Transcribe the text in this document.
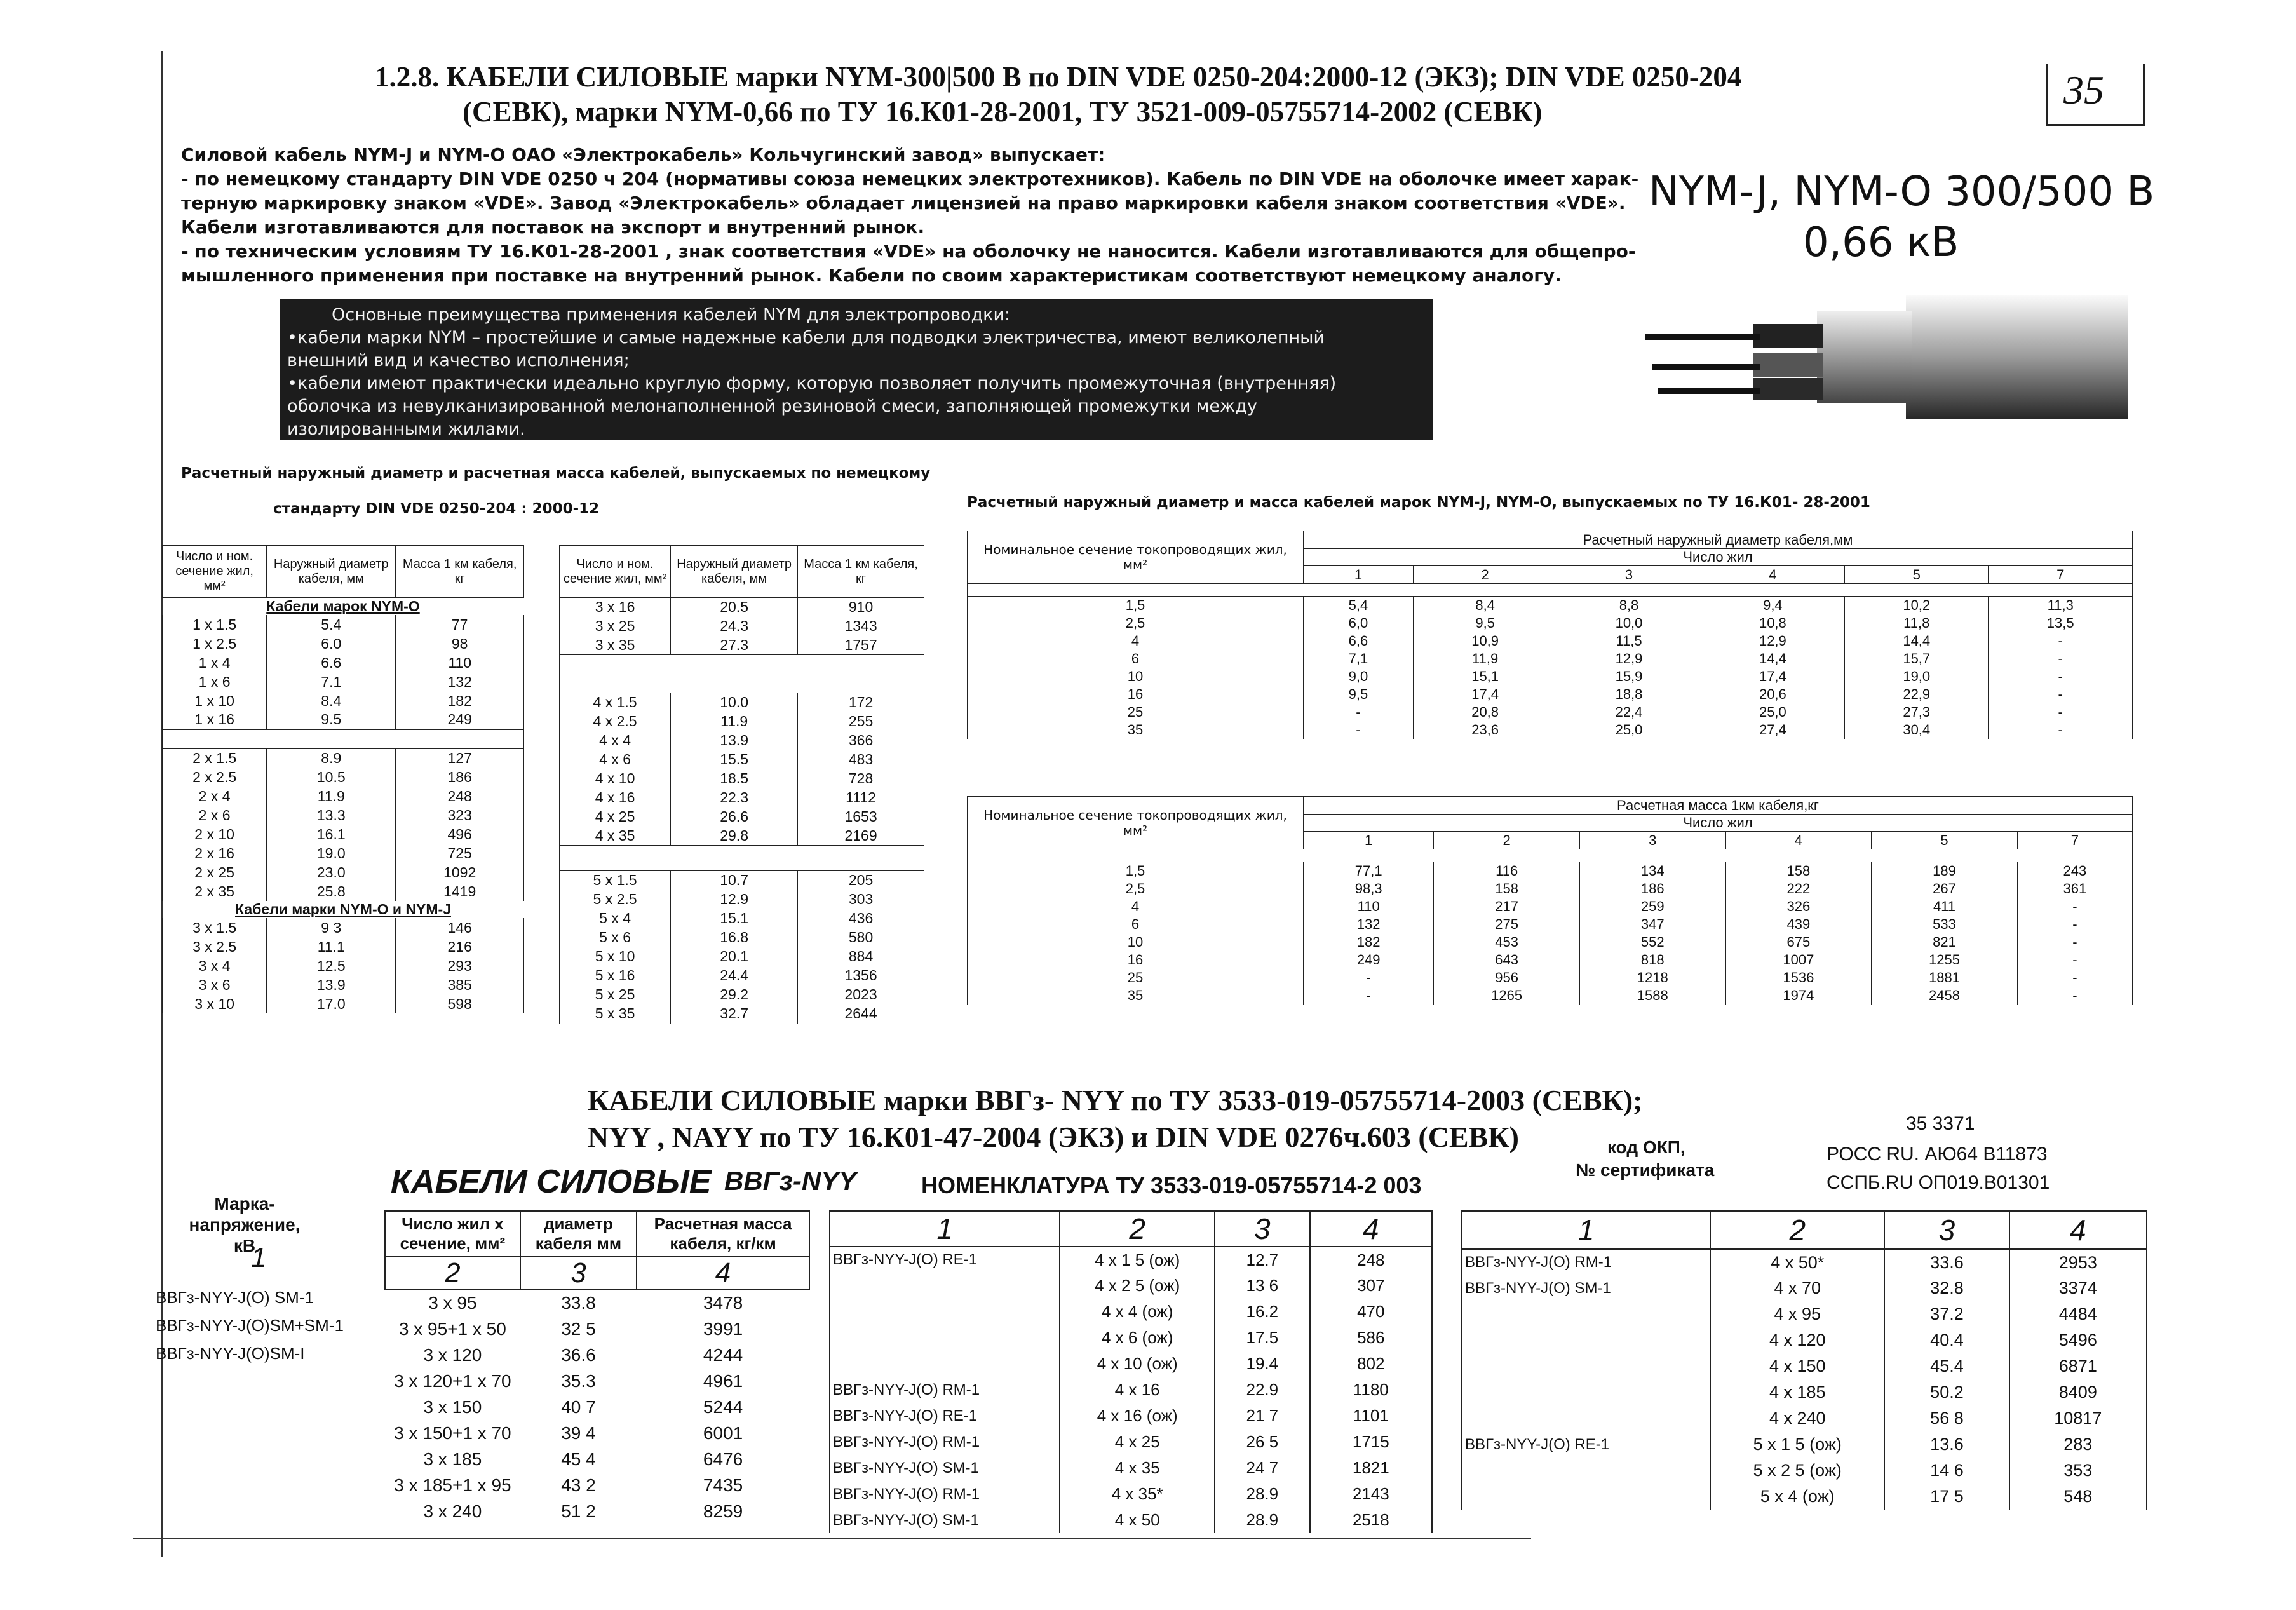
1.2.8. КАБЕЛИ СИЛОВЫЕ марки NYM-300|500 В по DIN VDE 0250-204:2000-12 (ЭКЗ); DIN VDE 0250-204
(СЕВК), марки NYM-0,66 по ТУ 16.К01-28-2001, ТУ 3521-009-05755714-2002 (СЕВК)	35
Силовой кабель NYM-J и NYM-O ОАО «Электрокабель» Кольчугинский завод» выпускает:
- по немецкому стандарту DIN VDE 0250 ч 204 (нормативы союза немецких электротехников). Кабель по DIN VDE на оболочке имеет харак-
терную маркировку знаком «VDE». Завод «Электрокабель» обладает лицензией на право маркировки кабеля знаком соответствия «VDE».
Кабели изготавливаются для поставок на экспорт и внутренний рынок.
- по техническим условиям ТУ 16.К01-28-2001 , знак соответствия «VDE» на оболочку не наносится. Кабели изготавливаются для общепро-
мышленного применения при поставке на внутренний рынок. Кабели по своим характеристикам соответствуют немецкому аналогу.
Основные преимущества применения кабелей NYM для электропроводки:
•кабели марки NYM – простейшие и самые надежные кабели для подводки электричества, имеют великолепный
внешний вид и качество исполнения;
•кабели имеют практически идеально круглую форму, которую позволяет получить промежуточная (внутренняя)
оболочка из невулканизированной мелонаполненной резиновой смеси, заполняющей промежутки между
изолированными жилами.
NYM-J, NYM-O 300/500 В
0,66 кВ
Расчетный наружный диаметр и расчетная масса кабелей, выпускаемых по немецкому
стандарту DIN VDE 0250-204 : 2000-12
Число и ном. сечение жил, мм²	Наружный диаметр кабеля, мм	Масса 1 км кабеля, кг
Кабели марок NYM-O		
1 x 1.5	5.4	77
1 x 2.5	6.0	98
1 x 4	6.6	110
1 x 6	7.1	132
1 x 10	8.4	182
1 x 16	9.5	249

2 x 1.5	8.9	127
2 x 2.5	10.5	186
2 x 4	11.9	248
2 x 6	13.3	323
2 x 10	16.1	496
2 x 16	19.0	725
2 x 25	23.0	1092
2 x 35	25.8	1419
Кабели марки NYM-O и NYM-J		
3 x 1.5	9 3	146
3 x 2.5	11.1	216
3 x 4	12.5	293
3 x 6	13.9	385
3 x 10	17.0	598
Число и ном. сечение жил, мм²	Наружный диаметр кабеля, мм	Масса 1 км кабеля, кг
3 x 16	20.5	910
3 x 25	24.3	1343
3 x 35	27.3	1757

4 x 1.5	10.0	172
4 x 2.5	11.9	255
4 x 4	13.9	366
4 x 6	15.5	483
4 x 10	18.5	728
4 x 16	22.3	1112
4 x 25	26.6	1653
4 x 35	29.8	2169

5 x 1.5	10.7	205
5 x 2.5	12.9	303
5 x 4	15.1	436
5 x 6	16.8	580
5 x 10	20.1	884
5 x 16	24.4	1356
5 x 25	29.2	2023
5 x 35	32.7	2644
Расчетный наружный диаметр и масса кабелей марок NYM-J, NYM-O, выпускаемых по ТУ 16.К01- 28-2001
Номинальное сечение токопроводящих жил, мм²	Расчетный наружный диаметр кабеля,мм					
	Число жил					
	1	2	3	4	5	7

1,5	5,4	8,4	8,8	9,4	10,2	11,3
2,5	6,0	9,5	10,0	10,8	11,8	13,5
4	6,6	10,9	11,5	12,9	14,4	-
6	7,1	11,9	12,9	14,4	15,7	-
10	9,0	15,1	15,9	17,4	19,0	-
16	9,5	17,4	18,8	20,6	22,9	-
25	-	20,8	22,4	25,0	27,3	-
35	-	23,6	25,0	27,4	30,4	-
Номинальное сечение токопроводящих жил, мм²	Расчетная масса 1км кабеля,кг					
	Число жил					
	1	2	3	4	5	7

1,5	77,1	116	134	158	189	243
2,5	98,3	158	186	222	267	361
4	110	217	259	326	411	-
6	132	275	347	439	533	-
10	182	453	552	675	821	-
16	249	643	818	1007	1255	-
25	-	956	1218	1536	1881	-
35	-	1265	1588	1974	2458	-
КАБЕЛИ СИЛОВЫЕ марки ВВГз- NYY по ТУ 3533-019-05755714-2003 (СЕВК);
NYY , NAYY по ТУ 16.К01-47-2004 (ЭКЗ) и DIN VDE 0276ч.603 (СЕВК)	код ОКП,
№ сертификата
35 3371
РОСС RU. АЮ64 В11873
ССПБ.RU ОП019.В01301
КАБЕЛИ СИЛОВЫЕ ВВГз-NYY	НОМЕНКЛАТУРА ТУ 3533-019-05755714-2 003
Марка-напряжение, кВ
Число жил х сечение, мм²	диаметр кабеля мм	Расчетная масса кабеля, кг/км
2	3	4
3 x 95	33.8	3478
3 x 95+1 x 50	32 5	3991
3 x 120	36.6	4244
3 x 120+1 x 70	35.3	4961
3 x 150	40 7	5244
3 x 150+1 x 70	39 4	6001
3 x 185	45 4	6476
3 x 185+1 x 95	43 2	7435
3 x 240	51 2	8259
1
ВВГз-NYY-J(O) SM-1
ВВГз-NYY-J(O)SM+SM-1
ВВГз-NYY-J(O)SM-I
1	2	3	4
ВВГз-NYY-J(O) RE-1	4 x 1 5 (ож)	12.7	248
	4 x 2 5 (ож)	13 6	307
	4 x 4 (ож)	16.2	470
	4 x 6 (ож)	17.5	586
	4 x 10 (ож)	19.4	802
ВВГз-NYY-J(O) RM-1	4 x 16	22.9	1180
ВВГз-NYY-J(O) RE-1	4 x 16 (ож)	21 7	1101
ВВГз-NYY-J(O) RM-1	4 x 25	26 5	1715
ВВГз-NYY-J(O) SM-1	4 x 35	24 7	1821
ВВГз-NYY-J(O) RM-1	4 x 35*	28.9	2143
ВВГз-NYY-J(O) SM-1	4 x 50	28.9	2518
1	2	3	4
ВВГз-NYY-J(O) RM-1	4 x 50*	33.6	2953
ВВГз-NYY-J(O) SM-1	4 x 70	32.8	3374
	4 x 95	37.2	4484
	4 x 120	40.4	5496
	4 x 150	45.4	6871
	4 x 185	50.2	8409
	4 x 240	56 8	10817
ВВГз-NYY-J(O) RE-1	5 x 1 5 (ож)	13.6	283
	5 x 2 5 (ож)	14 6	353
	5 x 4 (ож)	17 5	548
